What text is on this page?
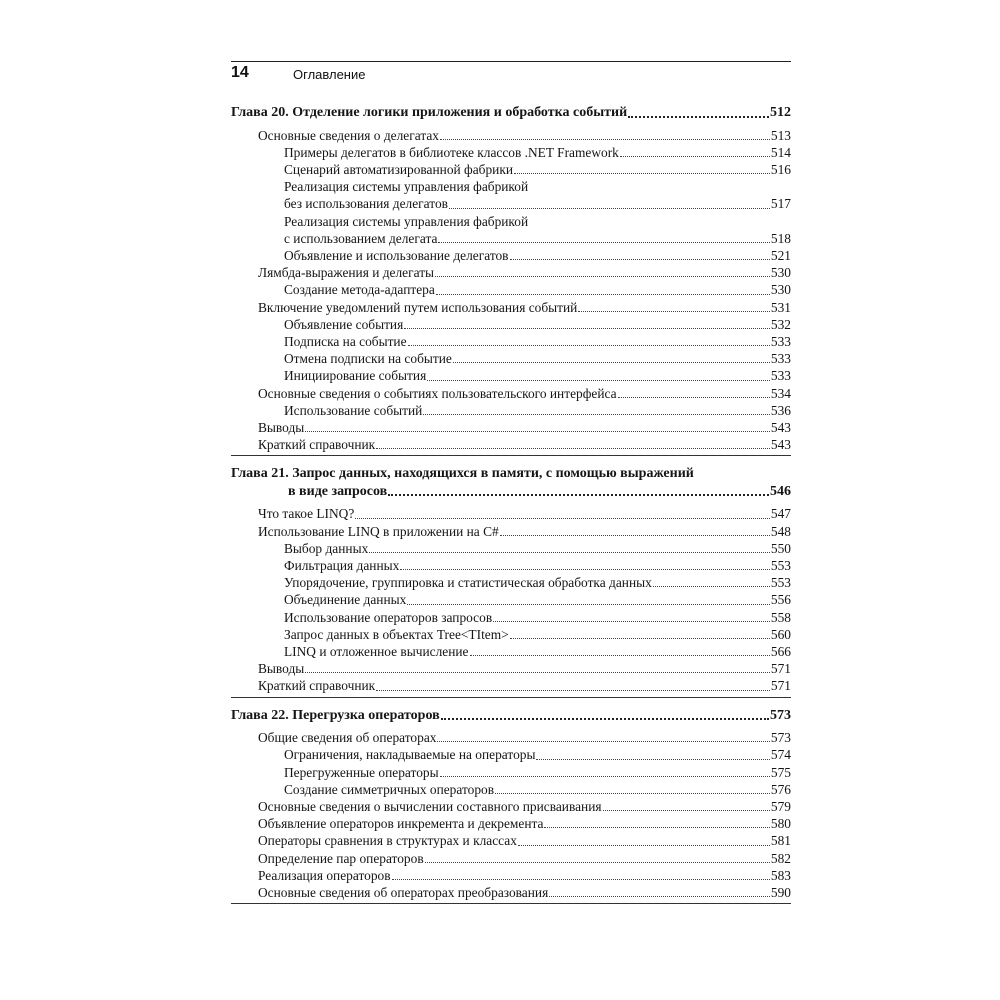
14	Оглавление
Глава 20. Отделение логики приложения и обработка событий	512
Основные сведения о делегатах	513
Примеры делегатов в библиотеке классов .NET Framework	514
Сценарий автоматизированной фабрики	516
Реализация системы управления фабрикой
без использования делегатов	517
Реализация системы управления фабрикой
с использованием делегата	518
Объявление и использование делегатов	521
Лямбда-выражения и делегаты	530
Создание метода-адаптера	530
Включение уведомлений путем использования событий	531
Объявление события	532
Подписка на событие	533
Отмена подписки на событие	533
Инициирование события	533
Основные сведения о событиях пользовательского интерфейса	534
Использование событий	536
Выводы	543
Краткий справочник	543
Глава 21. Запрос данных, находящихся в памяти, с помощью выражений
в виде запросов	546
Что такое LINQ?	547
Использование LINQ в приложении на C#	548
Выбор данных	550
Фильтрация данных	553
Упорядочение, группировка и статистическая обработка данных	553
Объединение данных	556
Использование операторов запросов	558
Запрос данных в объектах Tree<TItem>	560
LINQ и отложенное вычисление	566
Выводы	571
Краткий справочник	571
Глава 22. Перегрузка операторов	573
Общие сведения об операторах	573
Ограничения, накладываемые на операторы	574
Перегруженные операторы	575
Создание симметричных операторов	576
Основные сведения о вычислении составного присваивания	579
Объявление операторов инкремента и декремента	580
Операторы сравнения в структурах и классах	581
Определение пар операторов	582
Реализация операторов	583
Основные сведения об операторах преобразования	590
